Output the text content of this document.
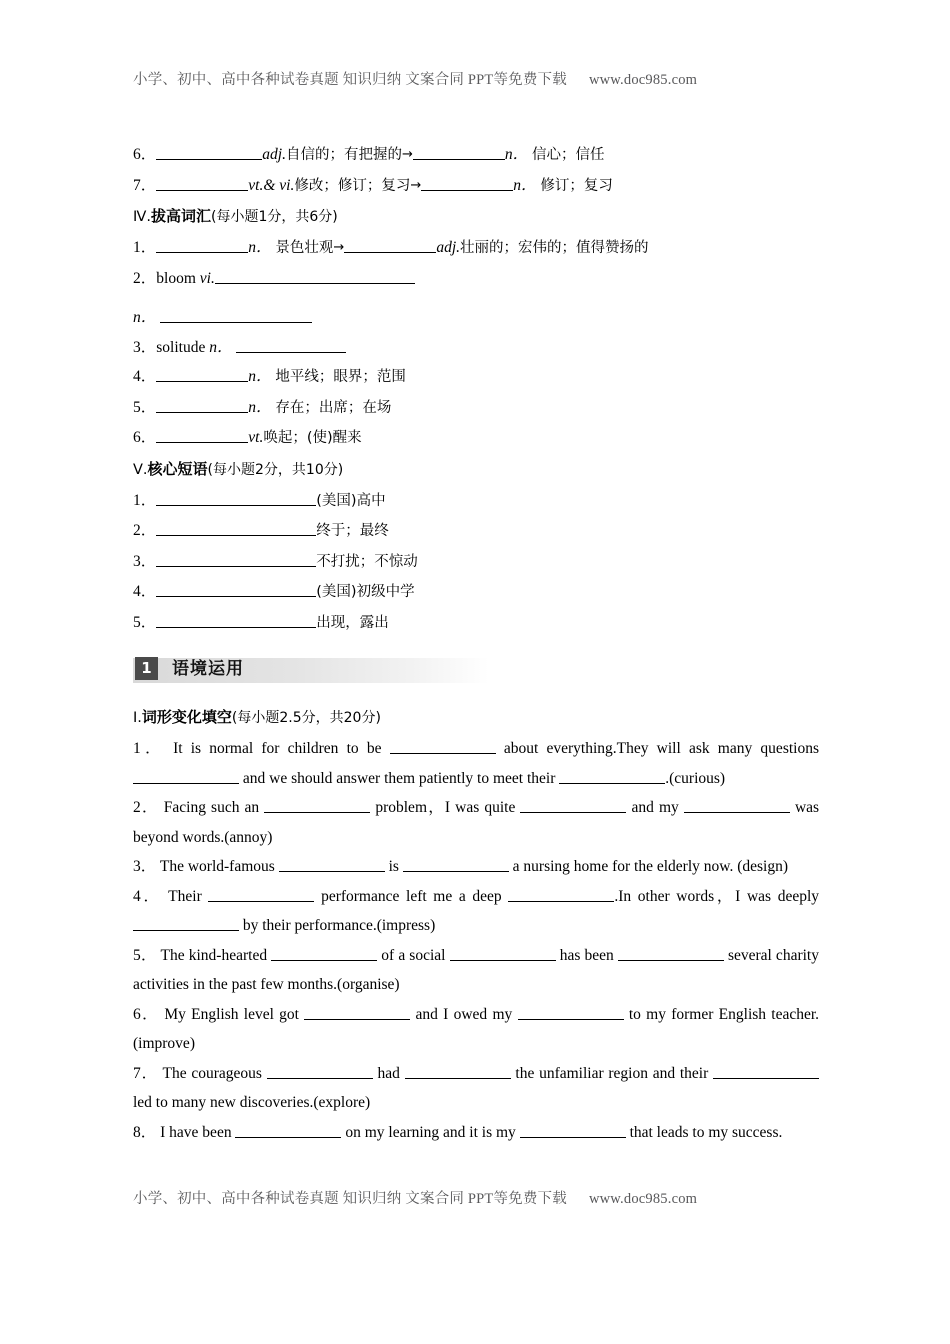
小学、初中、高中各种试卷真题 知识归纳 文案合同 PPT等免费下载 www.doc985.com
6．	adj.自信的；有把握的→	n． 信心；信任
7．	vt.& vi.修改；修订；复习→	n． 修订；复习
Ⅳ.拔高词汇(每小题1分，共6分)
1．	n． 景色壮观→	adj.壮丽的；宏伟的；值得赞扬的
2．bloom vi.
n．
3．solitude n．
4．	n． 地平线；眼界；范围
5．	n． 存在；出席；在场
6．	vt.唤起；(使)醒来
Ⅴ.核心短语(每小题2分，共10分)
1．	(美国)高中
2．	终于；最终
3．	不打扰；不惊动
4．	(美国)初级中学
5．	出现，露出
1	语境运用
Ⅰ.词形变化填空(每小题2.5分，共20分)

1． It is normal for children to be	about everything.They will ask many questions  and we should answer them patiently to meet their	.(curious)

2． Facing such an	problem，I was quite	and my	was beyond words.(annoy)

3． The world-famous	is	a nursing home for the elderly now. (design)

4． Their	performance left me a deep	.In other words，I was deeply  by their performance.(impress)

5． The kind-hearted	of a social	has been	several charity activities in the past few months.(organise)

6． My English level got	and I owed my	to my former English teacher.(improve)

7． The courageous	had	the unfamiliar region and their  led to many new discoveries.(explore)

8． I have been	on my learning and it is my	that leads to my success.

小学、初中、高中各种试卷真题 知识归纳 文案合同 PPT等免费下载 www.doc985.com
